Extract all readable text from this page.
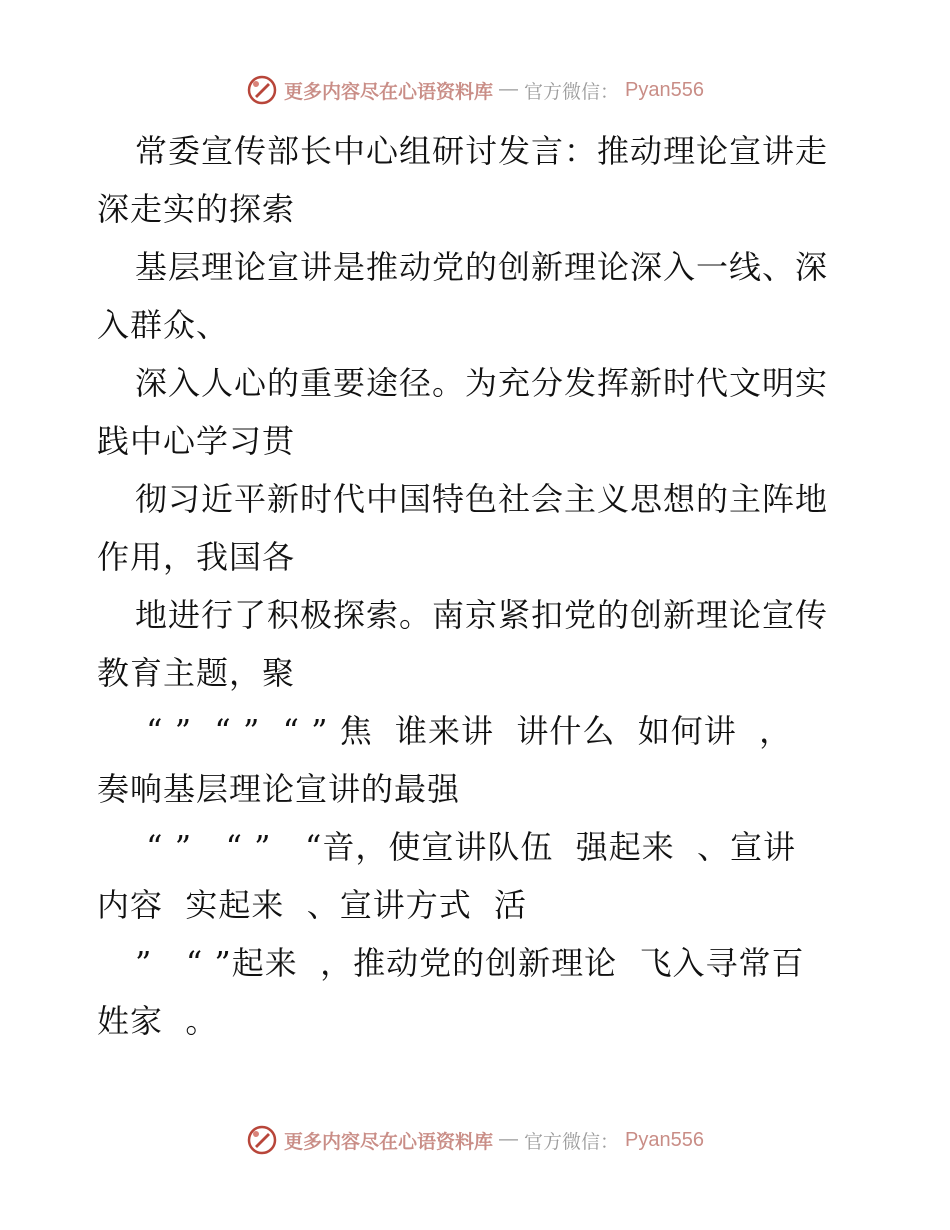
更多内容尽在心语资料库 — 官方微信： Pyan556
常委宣传部长中心组研讨发言：推动理论宣讲走
深走实的探索
基层理论宣讲是推动党的创新理论深入一线、深
入群众、
深入人心的重要途径。为充分发挥新时代文明实
践中心学习贯
彻习近平新时代中国特色社会主义思想的主阵地
作用，我国各
地进行了积极探索。南京紧扣党的创新理论宣传
教育主题，聚
“ ”  “ ”  “ ” 焦  谁来讲  讲什么  如何讲  ，
奏响基层理论宣讲的最强
“ ”   “ ”   “音，使宣讲队伍  强起来  、宣讲
内容  实起来  、宣讲方式  活
”   “ ”起来  ，推动党的创新理论  飞入寻常百
姓家  。
更多内容尽在心语资料库 — 官方微信： Pyan556
